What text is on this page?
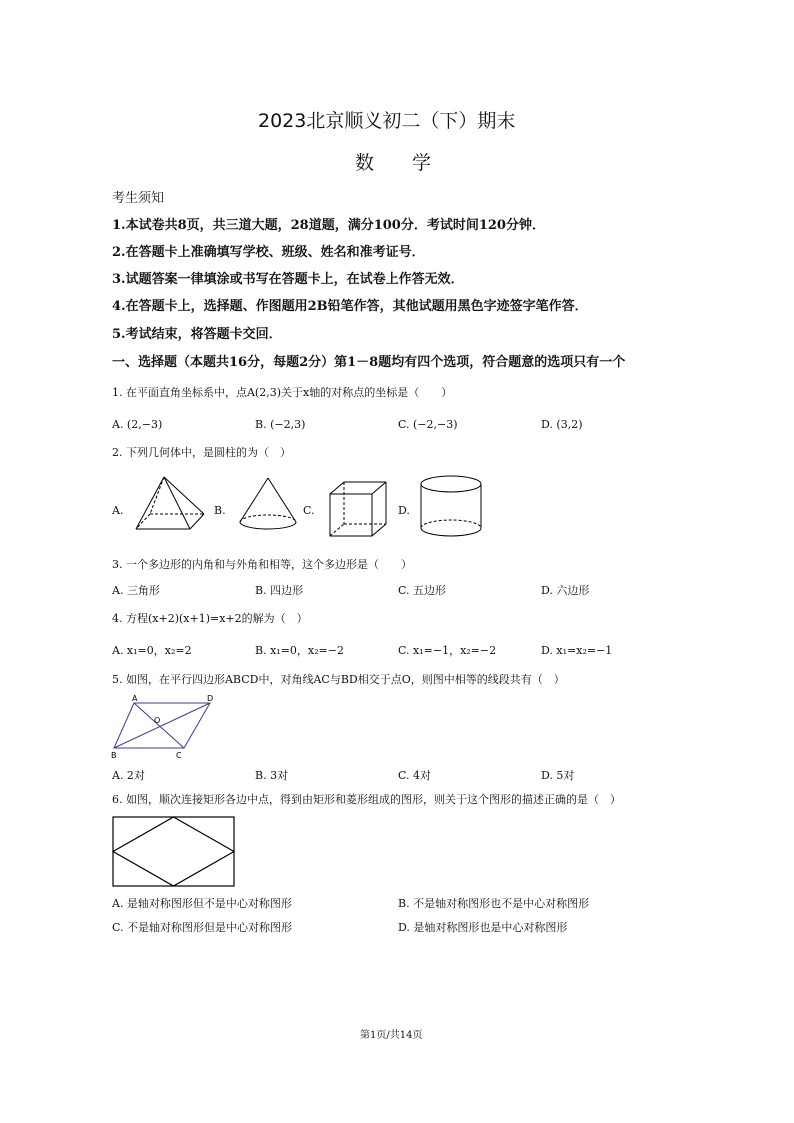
2023北京顺义初二（下）期末
数　　学
考生须知
1.本试卷共8页，共三道大题，28道题，满分100分．考试时间120分钟．
2.在答题卡上准确填写学校、班级、姓名和准考证号．
3.试题答案一律填涂或书写在答题卡上，在试卷上作答无效．
4.在答题卡上，选择题、作图题用2B铅笔作答，其他试题用黑色字迹签字笔作答．
5.考试结束，将答题卡交回．
一、选择题（本题共16分，每题2分）第1－8题均有四个选项，符合题意的选项只有一个
1. 在平面直角坐标系中，点A(2,3)关于x轴的对称点的坐标是（　　）
A. (2,−3)	B. (−2,3)	C. (−2,−3)	D. (3,2)
2. 下列几何体中，是圆柱的为（　）
A.	B.	C.	D.
3. 一个多边形的内角和与外角和相等，这个多边形是（　　）
A. 三角形	B. 四边形	C. 五边形	D. 六边形
4. 方程(x+2)(x+1)=x+2的解为（　）
A. x₁=0，x₂=2	B. x₁=0，x₂=−2	C. x₁=−1，x₂=−2	D. x₁=x₂=−1
5. 如图，在平行四边形ABCD中，对角线AC与BD相交于点O，则图中相等的线段共有（　）
A	D
O
B	C
A. 2对	B. 3对	C. 4对	D. 5对
6. 如图，顺次连接矩形各边中点，得到由矩形和菱形组成的图形，则关于这个图形的描述正确的是（　）
A. 是轴对称图形但不是中心对称图形	B. 不是轴对称图形也不是中心对称图形
C. 不是轴对称图形但是中心对称图形	D. 是轴对称图形也是中心对称图形
第1页/共14页
